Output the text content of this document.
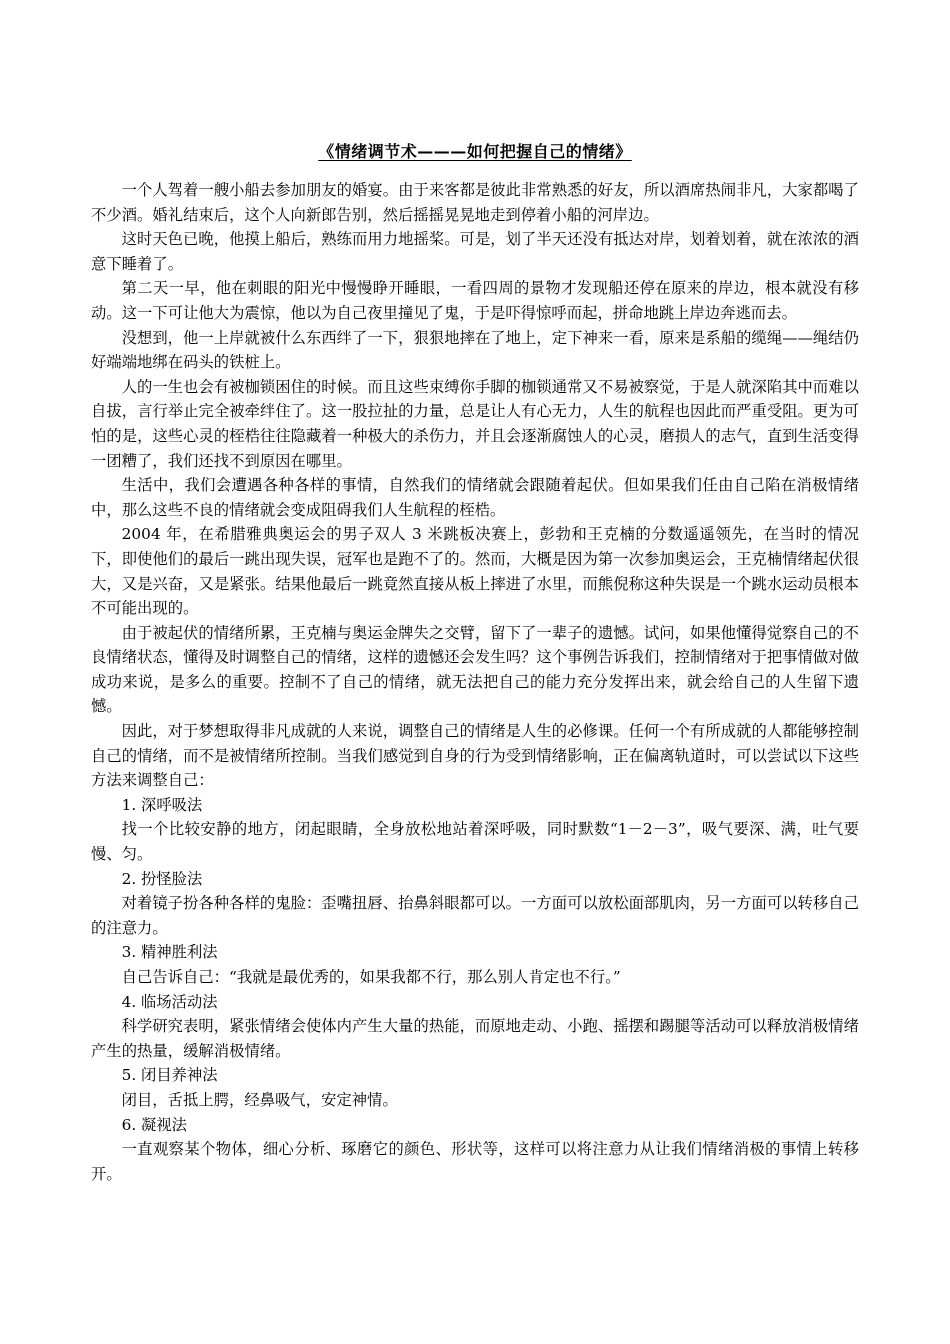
《情绪调节术———如何把握自己的情绪》

一个人驾着一艘小船去参加朋友的婚宴。由于来客都是彼此非常熟悉的好友，所以酒席热闹非凡，大家都喝了不少酒。婚礼结束后，这个人向新郎告别，然后摇摇晃晃地走到停着小船的河岸边。

这时天色已晚，他摸上船后，熟练而用力地摇桨。可是，划了半天还没有抵达对岸，划着划着，就在浓浓的酒意下睡着了。

第二天一早，他在刺眼的阳光中慢慢睁开睡眼，一看四周的景物才发现船还停在原来的岸边，根本就没有移动。这一下可让他大为震惊，他以为自己夜里撞见了鬼，于是吓得惊呼而起，拼命地跳上岸边奔逃而去。

没想到，他一上岸就被什么东西绊了一下，狠狠地摔在了地上，定下神来一看，原来是系船的缆绳——绳结仍好端端地绑在码头的铁桩上。

人的一生也会有被枷锁困住的时候。而且这些束缚你手脚的枷锁通常又不易被察觉，于是人就深陷其中而难以自拔，言行举止完全被牵绊住了。这一股拉扯的力量，总是让人有心无力，人生的航程也因此而严重受阻。更为可怕的是，这些心灵的桎梏往往隐藏着一种极大的杀伤力，并且会逐渐腐蚀人的心灵，磨损人的志气，直到生活变得一团糟了，我们还找不到原因在哪里。

生活中，我们会遭遇各种各样的事情，自然我们的情绪就会跟随着起伏。但如果我们任由自己陷在消极情绪中，那么这些不良的情绪就会变成阻碍我们人生航程的桎梏。

2004 年，在希腊雅典奥运会的男子双人 3 米跳板决赛上，彭勃和王克楠的分数遥遥领先，在当时的情况下，即使他们的最后一跳出现失误，冠军也是跑不了的。然而，大概是因为第一次参加奥运会，王克楠情绪起伏很大，又是兴奋，又是紧张。结果他最后一跳竟然直接从板上摔进了水里，而熊倪称这种失误是一个跳水运动员根本不可能出现的。

由于被起伏的情绪所累，王克楠与奥运金牌失之交臂，留下了一辈子的遗憾。试问，如果他懂得觉察自己的不良情绪状态，懂得及时调整自己的情绪，这样的遗憾还会发生吗？这个事例告诉我们，控制情绪对于把事情做对做成功来说，是多么的重要。控制不了自己的情绪，就无法把自己的能力充分发挥出来，就会给自己的人生留下遗憾。

因此，对于梦想取得非凡成就的人来说，调整自己的情绪是人生的必修课。任何一个有所成就的人都能够控制自己的情绪，而不是被情绪所控制。当我们感觉到自身的行为受到情绪影响，正在偏离轨道时，可以尝试以下这些方法来调整自己：

1. 深呼吸法

找一个比较安静的地方，闭起眼睛，全身放松地站着深呼吸，同时默数“1－2－3”，吸气要深、满，吐气要慢、匀。

2. 扮怪脸法

对着镜子扮各种各样的鬼脸：歪嘴扭唇、抬鼻斜眼都可以。一方面可以放松面部肌肉，另一方面可以转移自己的注意力。

3. 精神胜利法

自己告诉自己：“我就是最优秀的，如果我都不行，那么别人肯定也不行。”

4. 临场活动法

科学研究表明，紧张情绪会使体内产生大量的热能，而原地走动、小跑、摇摆和踢腿等活动可以释放消极情绪产生的热量，缓解消极情绪。

5. 闭目养神法

闭目，舌抵上腭，经鼻吸气，安定神情。

6. 凝视法

一直观察某个物体，细心分析、琢磨它的颜色、形状等，这样可以将注意力从让我们情绪消极的事情上转移开。
